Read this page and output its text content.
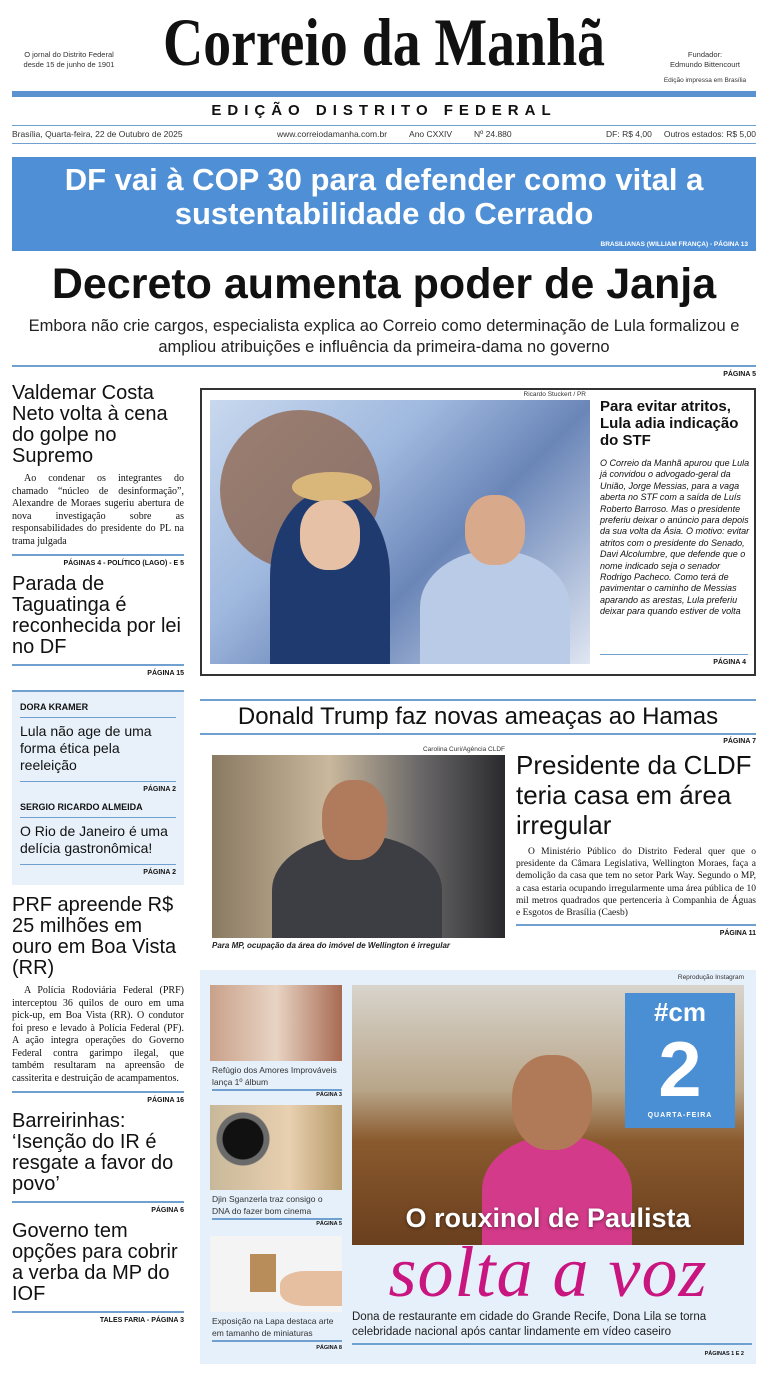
O jornal do Distrito Federal
desde 15 de junho de 1901 Correio da Manhã	Fundador:
Edmundo Bittencourt
Edição impressa em Brasília
EDIÇÃO DISTRITO FEDERAL
Brasília, Quarta-feira, 22 de Outubro de 2025	www.correiodamanha.com.br	Ano CXXIV	Nº 24.880	DF: R$ 4,00 Outros estados: R$ 5,00
DF vai à COP 30 para defender como vital a sustentabilidade do Cerrado
BRASILIANAS (WILLIAM FRANÇA) - PÁGINA 13
Decreto aumenta poder de Janja
Embora não crie cargos, especialista explica ao Correio como determinação de Lula formalizou e ampliou atribuições e influência da primeira-dama no governo
PÁGINA 5
Valdemar Costa Neto volta à cena do golpe no Supremo
Ao condenar os integrantes do chamado “núcleo de desinformação”, Alexandre de Moraes sugeriu abertura de nova investigação sobre as responsabilidades do presidente do PL na trama julgada
PÁGINAS 4 - POLÍTICO (LAGO) - E 5
Parada de Taguatinga é reconhecida por lei no DF
PÁGINA 15
DORA KRAMER
Lula não age de uma forma ética pela reeleição
PÁGINA 2
SERGIO RICARDO ALMEIDA
O Rio de Janeiro é uma delícia gastronômica!
PÁGINA 2
PRF apreende R$ 25 milhões em ouro em Boa Vista (RR)
A Polícia Rodoviária Federal (PRF) interceptou 36 quilos de ouro em uma pick-up, em Boa Vista (RR). O condutor foi preso e levado à Polícia Federal (PF). A ação integra operações do Governo Federal contra garimpo ilegal, que também resultaram na apreensão de cassiterita e destruição de acampamentos.
PÁGINA 16
Barreirinhas: ‘Isenção do IR é resgate a favor do povo’
PÁGINA 6
Governo tem opções para cobrir a verba da MP do IOF
TALES FARIA - PÁGINA 3
Ricardo Stuckert / PR
Para evitar atritos, Lula adia indicação do STF
O Correio da Manhã apurou que Lula já convidou o advogado-geral da União, Jorge Messias, para a vaga aberta no STF com a saída de Luís Roberto Barroso. Mas o presidente preferiu deixar o anúncio para depois da sua volta da Ásia. O motivo: evitar atritos com o presidente do Senado, Davi Alcolumbre, que defende que o nome indicado seja o senador Rodrigo Pacheco. Como terá de pavimentar o caminho de Messias aparando as arestas, Lula preferiu deixar para quando estiver de volta
PÁGINA 4
Donald Trump faz novas ameaças ao Hamas
PÁGINA 7
Carolina Curi/Agência CLDF
Para MP, ocupação da área do imóvel de Wellington é irregular
Presidente da CLDF teria casa em área irregular
O Ministério Público do Distrito Federal quer que o presidente da Câmara Legislativa, Wellington Moraes, faça a demolição da casa que tem no setor Park Way. Segundo o MP, a casa estaria ocupando irregularmente uma área pública de 10 mil metros quadrados que pertenceria à Companhia de Águas e Esgotos de Brasília (Caesb)
PÁGINA 11
Reprodução Instagram
Refúgio dos Amores Improváveis lança 1º álbum
PÁGINA 3
Djin Sganzerla traz consigo o DNA do fazer bom cinema
PÁGINA 5
Exposição na Lapa destaca arte em tamanho de miniaturas
PÁGINA 8
#cm
2
QUARTA-FEIRA
O rouxinol de Paulista
solta a voz
Dona de restaurante em cidade do Grande Recife, Dona Lila se torna celebridade nacional após cantar lindamente em vídeo caseiro
PÁGINAS 1 E 2
